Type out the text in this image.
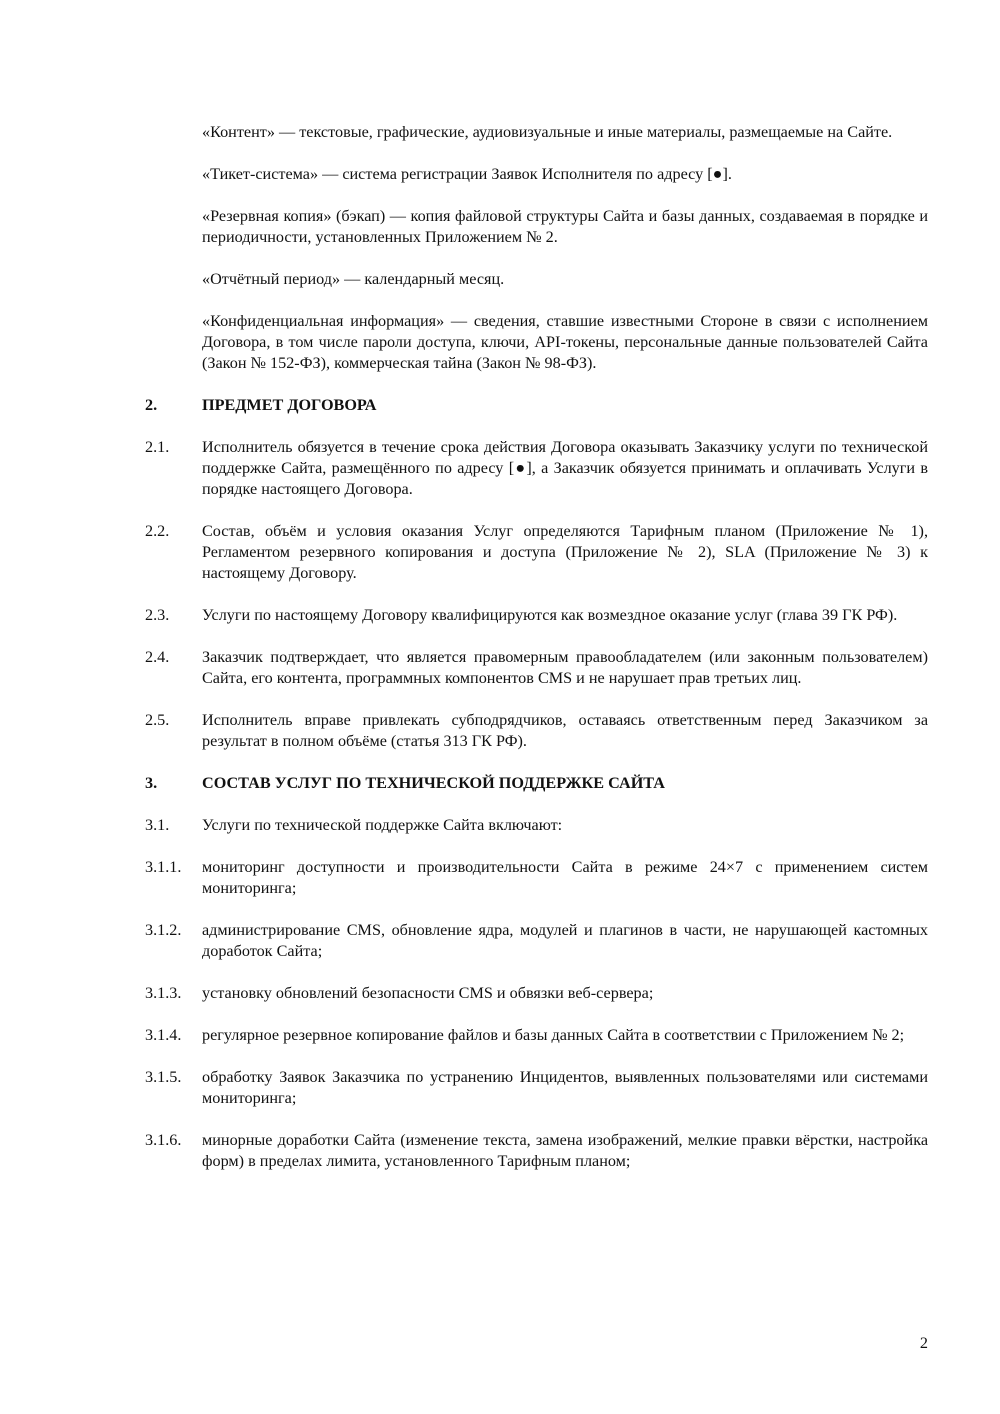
«Контент» — текстовые, графические, аудиовизуальные и иные материалы, размещаемые на Сайте.

«Тикет-система» — система регистрации Заявок Исполнителя по адресу [●].

«Резервная копия» (бэкап) — копия файловой структуры Сайта и базы данных, создаваемая в порядке и периодичности, установленных Приложением № 2.

«Отчётный период» — календарный месяц.

«Конфиденциальная информация» — сведения, ставшие известными Стороне в связи с исполнением Договора, в том числе пароли доступа, ключи, API-токены, персональные данные пользователей Сайта (Закон № 152-ФЗ), коммерческая тайна (Закон № 98-ФЗ).

2.	ПРЕДМЕТ ДОГОВОРА
2.1.	Исполнитель обязуется в течение срока действия Договора оказывать Заказчику услуги по технической поддержке Сайта, размещённого по адресу [●], а Заказчик обязуется принимать и оплачивать Услуги в порядке настоящего Договора.
2.2.	Состав, объём и условия оказания Услуг определяются Тарифным планом (Приложение № 1), Регламентом резервного копирования и доступа (Приложение № 2), SLA (Приложение № 3) к настоящему Договору.
2.3.	Услуги по настоящему Договору квалифицируются как возмездное оказание услуг (глава 39 ГК РФ).
2.4.	Заказчик подтверждает, что является правомерным правообладателем (или законным пользователем) Сайта, его контента, программных компонентов CMS и не нарушает прав третьих лиц.
2.5.	Исполнитель вправе привлекать субподрядчиков, оставаясь ответственным перед Заказчиком за результат в полном объёме (статья 313 ГК РФ).
3.	СОСТАВ УСЛУГ ПО ТЕХНИЧЕСКОЙ ПОДДЕРЖКЕ САЙТА
3.1.	Услуги по технической поддержке Сайта включают:
3.1.1.	мониторинг доступности и производительности Сайта в режиме 24×7 с применением систем мониторинга;
3.1.2.	администрирование CMS, обновление ядра, модулей и плагинов в части, не нарушающей кастомных доработок Сайта;
3.1.3.	установку обновлений безопасности CMS и обвязки веб-сервера;
3.1.4.	регулярное резервное копирование файлов и базы данных Сайта в соответствии с Приложением № 2;
3.1.5.	обработку Заявок Заказчика по устранению Инцидентов, выявленных пользователями или системами мониторинга;
3.1.6.	минорные доработки Сайта (изменение текста, замена изображений, мелкие правки вёрстки, настройка форм) в пределах лимита, установленного Тарифным планом;
2
